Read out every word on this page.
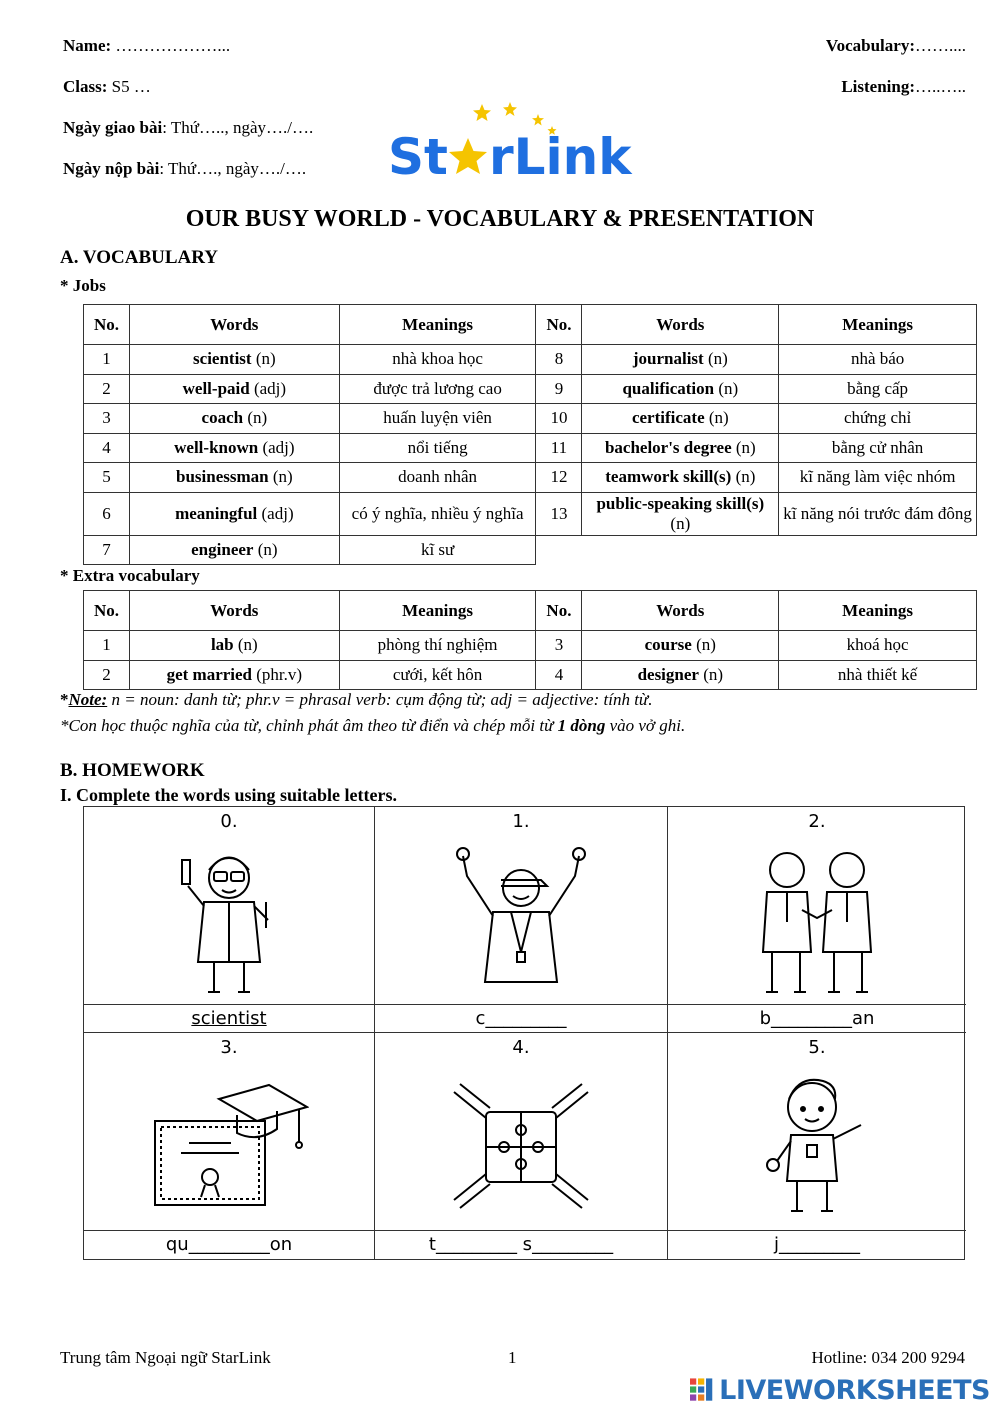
Name: ………………...
Class: S5 …
Ngày giao bài: Thứ….., ngày…./….
Ngày nộp bài: Thứ…., ngày…./….
Vocabulary:……....
Listening:…..…..
St rLink
OUR BUSY WORLD - VOCABULARY & PRESENTATION
A. VOCABULARY
* Jobs
No.	Words	Meanings	No.	Words	Meanings
1	scientist (n)	nhà khoa học	8	journalist (n)	nhà báo
2	well-paid (adj)	được trả lương cao	9	qualification (n)	bằng cấp
3	coach (n)	huấn luyện viên	10	certificate (n)	chứng chỉ
4	well-known (adj)	nổi tiếng	11	bachelor's degree (n)	bằng cử nhân
5	businessman (n)	doanh nhân	12	teamwork skill(s) (n)	kĩ năng làm việc nhóm
6	meaningful (adj)	có ý nghĩa, nhiều ý nghĩa	13	public-speaking skill(s) (n)	kĩ năng nói trước đám đông
7	engineer (n)	kĩ sư			
* Extra vocabulary
No.	Words	Meanings	No.	Words	Meanings
1	lab (n)	phòng thí nghiệm	3	course (n)	khoá học
2	get married (phr.v)	cưới, kết hôn	4	designer (n)	nhà thiết kế
*Note: n = noun: danh từ; phr.v = phrasal verb: cụm động từ; adj = adjective: tính từ.
*Con học thuộc nghĩa của từ, chỉnh phát âm theo từ điển và chép mỗi từ 1 dòng vào vở ghi.
B. HOMEWORK
I. Complete the words using suitable letters.
0.	1.	2.
scientist	c_________	b_________an
3.	4.	5.
qu_________on	t_________ s_________	j_________
Trung tâm Ngoại ngữ StarLink	1	Hotline: 034 200 9294
LIVEWORKSHEETS
